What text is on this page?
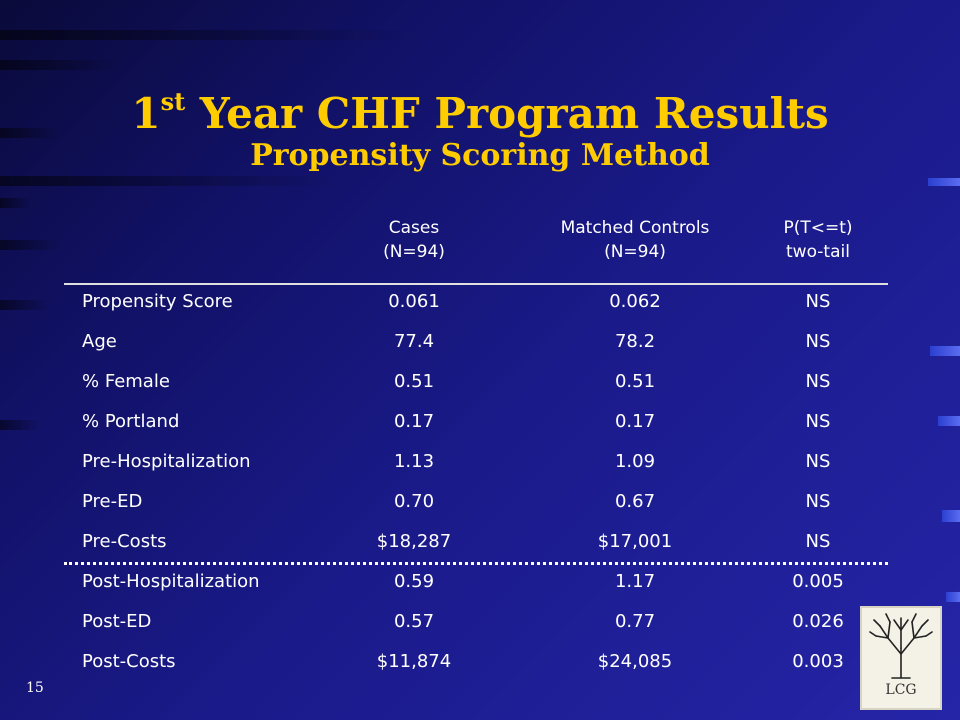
1st Year CHF Program Results
Propensity Scoring Method
Cases
(N=94)
Matched Controls
(N=94)
P(T<=t)
two-tail
Propensity Score	0.061	0.062	NS
Age	77.4	78.2	NS
% Female	0.51	0.51	NS
% Portland	0.17	0.17	NS
Pre-Hospitalization	1.13	1.09	NS
Pre-ED	0.70	0.67	NS
Pre-Costs	$18,287	$17,001	NS
Post-Hospitalization	0.59	1.17	0.005
Post-ED	0.57	0.77	0.026
Post-Costs	$11,874	$24,085	0.003
15	LCG
